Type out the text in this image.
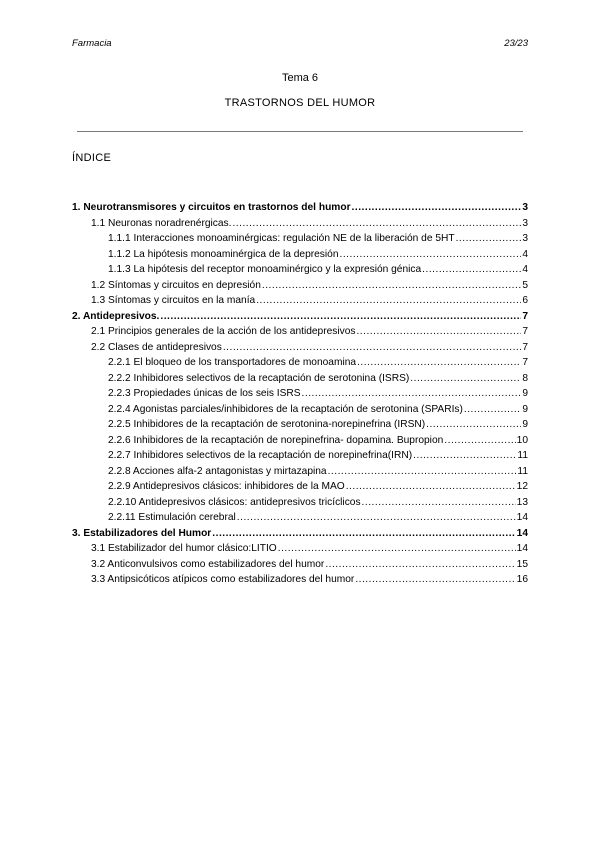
Farmacia	23/23
Tema 6
TRASTORNOS DEL HUMOR
ÍNDICE
1. Neurotransmisores y circuitos en trastornos del humor .....	3
1.1 Neuronas noradrenérgicas. .....	3
1.1.1 Interacciones monoaminérgicas: regulación NE de la liberación de 5HT .....	3
1.1.2 La hipótesis monoaminérgica de la depresión .....	4
1.1.3 La hipótesis del receptor monoaminérgico y la expresión génica .....	4
1.2 Síntomas y circuitos en depresión .....	5
1.3 Síntomas y circuitos en la manía .....	6
2. Antidepresivos. .....	7
2.1 Principios generales de la acción de los antidepresivos .....	7
2.2 Clases de antidepresivos .....	7
2.2.1 El bloqueo de los transportadores de monoamina .....	7
2.2.2 Inhibidores selectivos de la recaptación de serotonina (ISRS) .....	8
2.2.3 Propiedades únicas de los seis ISRS .....	9
2.2.4 Agonistas parciales/inhibidores de la recaptación de serotonina (SPARIs) .....	9
2.2.5 Inhibidores de la recaptación de serotonina-norepinefrina (IRSN) .....	9
2.2.6 Inhibidores de la recaptación de norepinefrina- dopamina. Bupropion .....	10
2.2.7 Inhibidores selectivos de la recaptación de norepinefrina(IRN) .....	11
2.2.8 Acciones alfa-2 antagonistas y mirtazapina .....	11
2.2.9 Antidepresivos clásicos: inhibidores de la MAO .....	12
2.2.10 Antidepresivos clásicos: antidepresivos tricíclicos .....	13
2.2.11 Estimulación cerebral .....	14
3. Estabilizadores del Humor .....	14
3.1 Estabilizador del humor clásico:LITIO .....	14
3.2 Anticonvulsivos como estabilizadores del humor .....	15
3.3 Antipsicóticos atípicos como estabilizadores del humor .....	16
